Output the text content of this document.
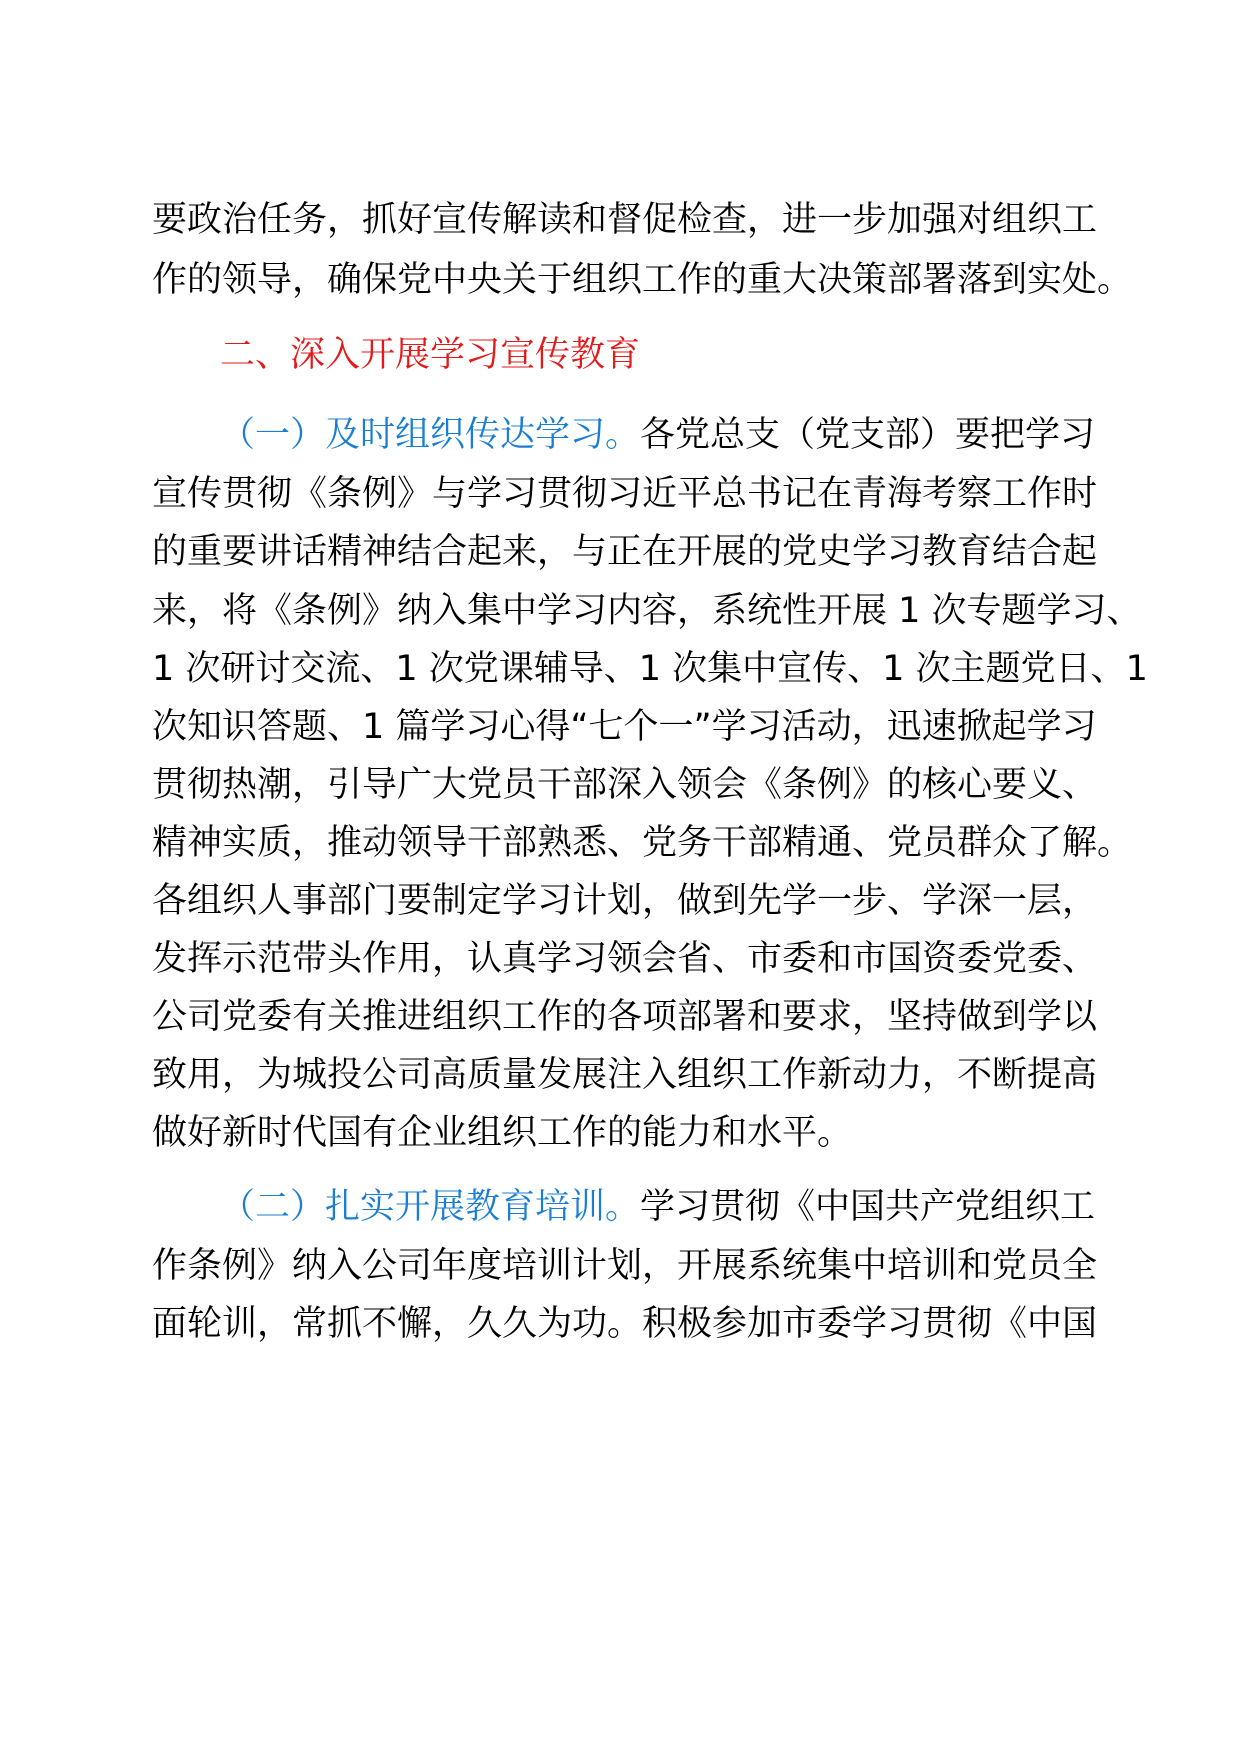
要政治任务，抓好宣传解读和督促检查，进一步加强对组织工
作的领导，确保党中央关于组织工作的重大决策部署落到实处。
二、深入开展学习宣传教育
（一）及时组织传达学习。各党总支（党支部）要把学习
宣传贯彻《条例》与学习贯彻习近平总书记在青海考察工作时
的重要讲话精神结合起来，与正在开展的党史学习教育结合起
来，将《条例》纳入集中学习内容，系统性开展 1 次专题学习、
1 次研讨交流、1 次党课辅导、1 次集中宣传、1 次主题党日、1
次知识答题、1 篇学习心得“七个一”学习活动，迅速掀起学习
贯彻热潮，引导广大党员干部深入领会《条例》的核心要义、
精神实质，推动领导干部熟悉、党务干部精通、党员群众了解。
各组织人事部门要制定学习计划，做到先学一步、学深一层，
发挥示范带头作用，认真学习领会省、市委和市国资委党委、
公司党委有关推进组织工作的各项部署和要求，坚持做到学以
致用，为城投公司高质量发展注入组织工作新动力，不断提高
做好新时代国有企业组织工作的能力和水平。
（二）扎实开展教育培训。学习贯彻《中国共产党组织工
作条例》纳入公司年度培训计划，开展系统集中培训和党员全
面轮训，常抓不懈，久久为功。积极参加市委学习贯彻《中国
